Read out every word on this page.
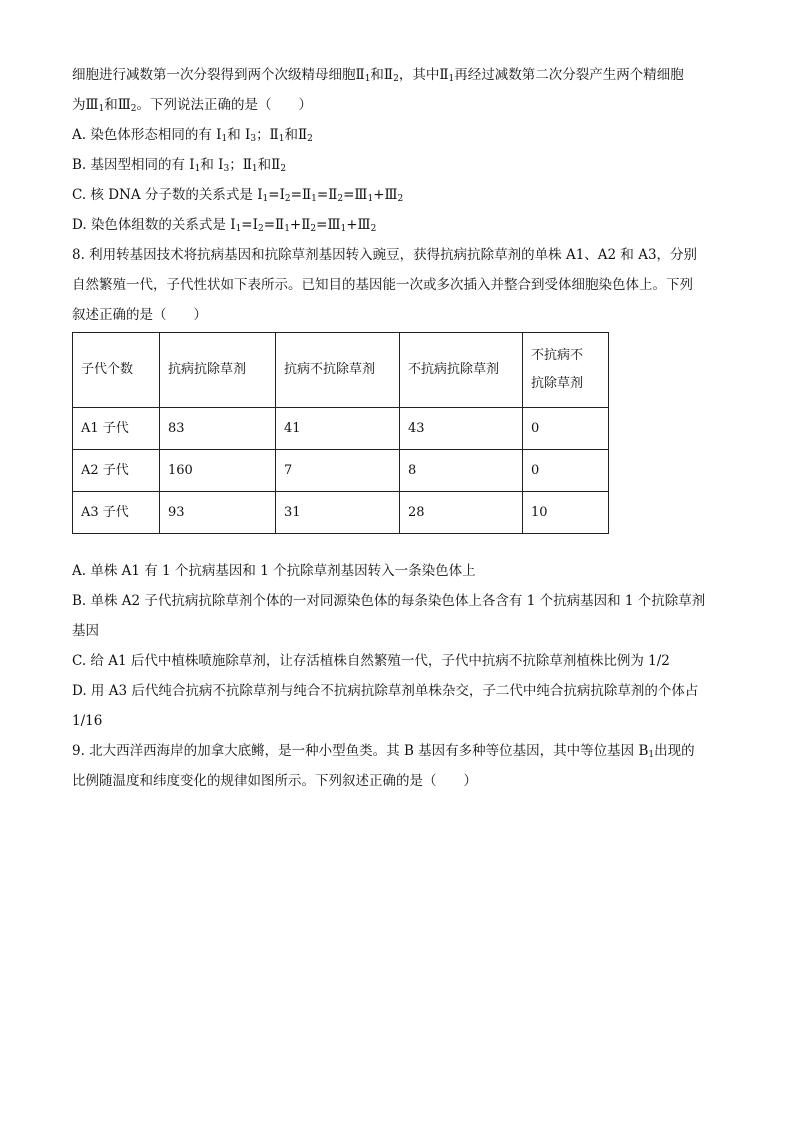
细胞进行减数第一次分裂得到两个次级精母细胞$Ⅱ_1$和$Ⅱ_2$，其中$Ⅱ_1$再经过减数第二次分裂产生两个精细胞

为$Ⅲ_1$和$Ⅲ_2$。下列说法正确的是（　　）

A. 染色体形态相同的有 $I_1$和 $I_3$；$Ⅱ_1$和$Ⅱ_2$

B. 基因型相同的有 $I_1$和 $I_3$；$Ⅱ_1$和$Ⅱ_2$

C. 核 DNA 分子数的关系式是 $I_1=I_2=Ⅱ_1=Ⅱ_2=Ⅲ_1+Ⅲ_2$

D. 染色体组数的关系式是 $I_1=I_2=Ⅱ_1+Ⅱ_2=Ⅲ_1+Ⅲ_2$

8. 利用转基因技术将抗病基因和抗除草剂基因转入豌豆，获得抗病抗除草剂的单株 A1、A2 和 A3，分别

自然繁殖一代，子代性状如下表所示。已知目的基因能一次或多次插入并整合到受体细胞染色体上。下列

叙述正确的是（　　）

子代个数	抗病抗除草剂	抗病不抗除草剂	不抗病抗除草剂	不抗病不
抗除草剂

A1 子代	83	41	43	0
A2 子代	160	7	8	0
A3 子代	93	31	28	10

A. 单株 A1 有 1 个抗病基因和 1 个抗除草剂基因转入一条染色体上

B. 单株 A2 子代抗病抗除草剂个体的一对同源染色体的每条染色体上各含有 1 个抗病基因和 1 个抗除草剂

基因

C. 给 A1 后代中植株喷施除草剂，让存活植株自然繁殖一代，子代中抗病不抗除草剂植株比例为 1/2

D. 用 A3 后代纯合抗病不抗除草剂与纯合不抗病抗除草剂单株杂交，子二代中纯合抗病抗除草剂的个体占

1/16

9. 北大西洋西海岸的加拿大底鳉，是一种小型鱼类。其 B 基因有多种等位基因，其中等位基因 $B_1$出现的

比例随温度和纬度变化的规律如图所示。下列叙述正确的是（　　）
